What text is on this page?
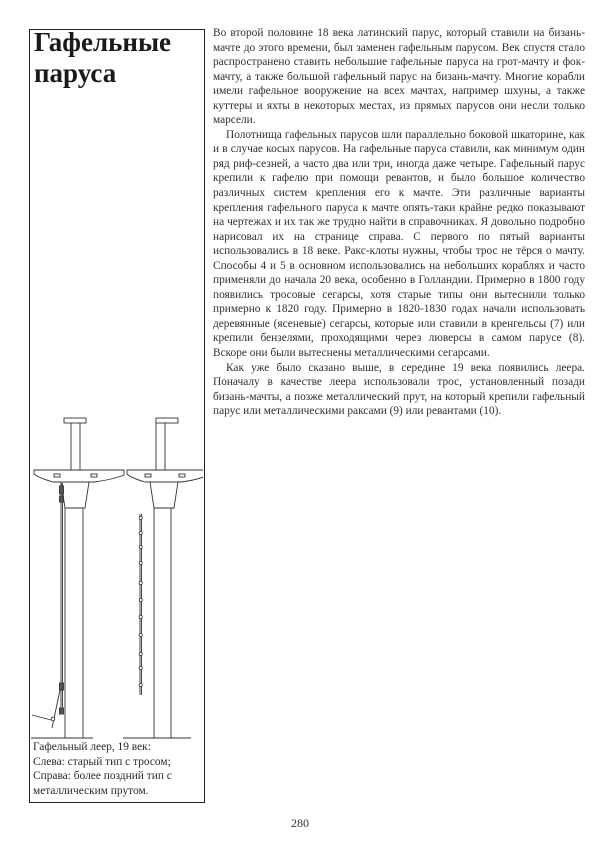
Гафельные
паруса
Гафельный леер, 19 век:
Слева: старый тип с тросом;
Справа: более поздний тип с
металлическим прутом.

Во второй половине 18 века латинский парус, который ставили на бизань-мачте до этого времени, был заменен гафельным парусом. Век спустя стало распространено ставить небольшие гафельные паруса на грот-мачту и фок-мачту, а также большой гафельный парус на бизань-мачту. Многие корабли имели гафельное вооружение на всех мачтах, например шхуны, а также куттеры и яхты в некоторых местах, из прямых парусов они несли только марсели.

Полотнища гафельных парусов шли параллельно боковой шкаторине, как и в случае косых парусов. На гафельные паруса ставили, как минимум один ряд риф-сезней, а часто два или три, иногда даже четыре. Гафельный парус крепили к гафелю при помощи ревантов, и было большое количество различных систем крепления его к мачте. Эти различные варианты крепления гафельного паруса к мачте опять-таки крайне редко показывают на чертежах и их так же трудно найти в справочниках. Я довольно подробно нарисовал их на странице справа. С первого по пятый варианты использовались в 18 веке. Ракс-клоты нужны, чтобы трос не тёрся о мачту. Способы 4 и 5 в основном использовались на небольших кораблях и часто применяли до начала 20 века, особенно в Голландии. Примерно в 1800 году появились тросовые сегарсы, хотя старые типы они вытеснили только примерно к 1820 году. Примерно в 1820-1830 годах начали использовать деревянные (ясеневые) сегарсы, которые или ставили в кренгельсы (7) или крепили бензелями, проходящими через люверсы в самом парусе (8). Вскоре они были вытеснены металлическими сегарсами.

Как уже было сказано выше, в середине 19 века появились леера. Поначалу в качестве леера использовали трос, установленный позади бизань-мачты, а позже металлический прут, на который крепили гафельный парус или металлическими раксами (9) или ревантами (10).

280
